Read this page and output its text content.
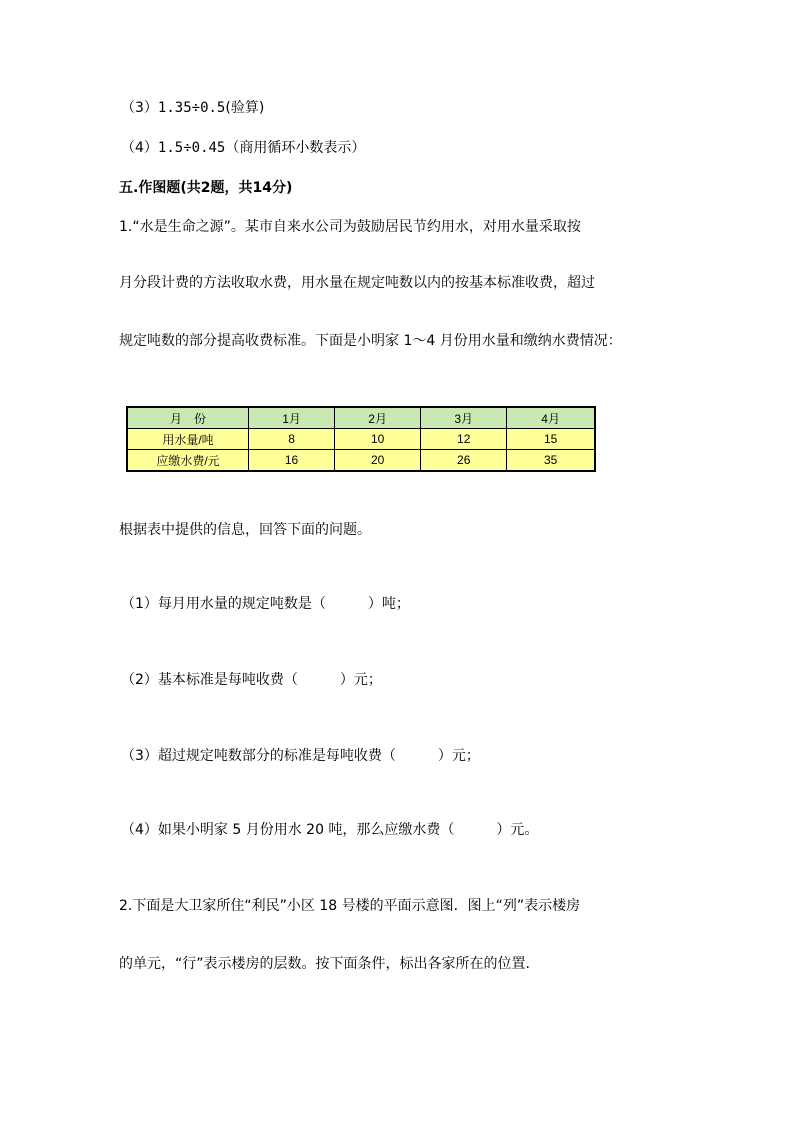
（3）1.35÷0.5(验算)
（4）1.5÷0.45（商用循环小数表示）
五.作图题(共2题，共14分)
1.“水是生命之源”。某市自来水公司为鼓励居民节约用水，对用水量采取按
月分段计费的方法收取水费，用水量在规定吨数以内的按基本标准收费，超过
规定吨数的部分提高收费标准。下面是小明家 1～4 月份用水量和缴纳水费情况：
月　份	1月	2月	3月	4月
用水量/吨	8	10	12	15
应缴水费/元	16	20	26	35
根据表中提供的信息，回答下面的问题。
（1）每月用水量的规定吨数是（　　　）吨；
（2）基本标准是每吨收费（　　　）元；
（3）超过规定吨数部分的标准是每吨收费（　　　）元；
（4）如果小明家 5 月份用水 20 吨，那么应缴水费（　　　）元。
2.下面是大卫家所住“利民”小区 18 号楼的平面示意图．图上“列”表示楼房
的单元，“行”表示楼房的层数。按下面条件，标出各家所在的位置．
